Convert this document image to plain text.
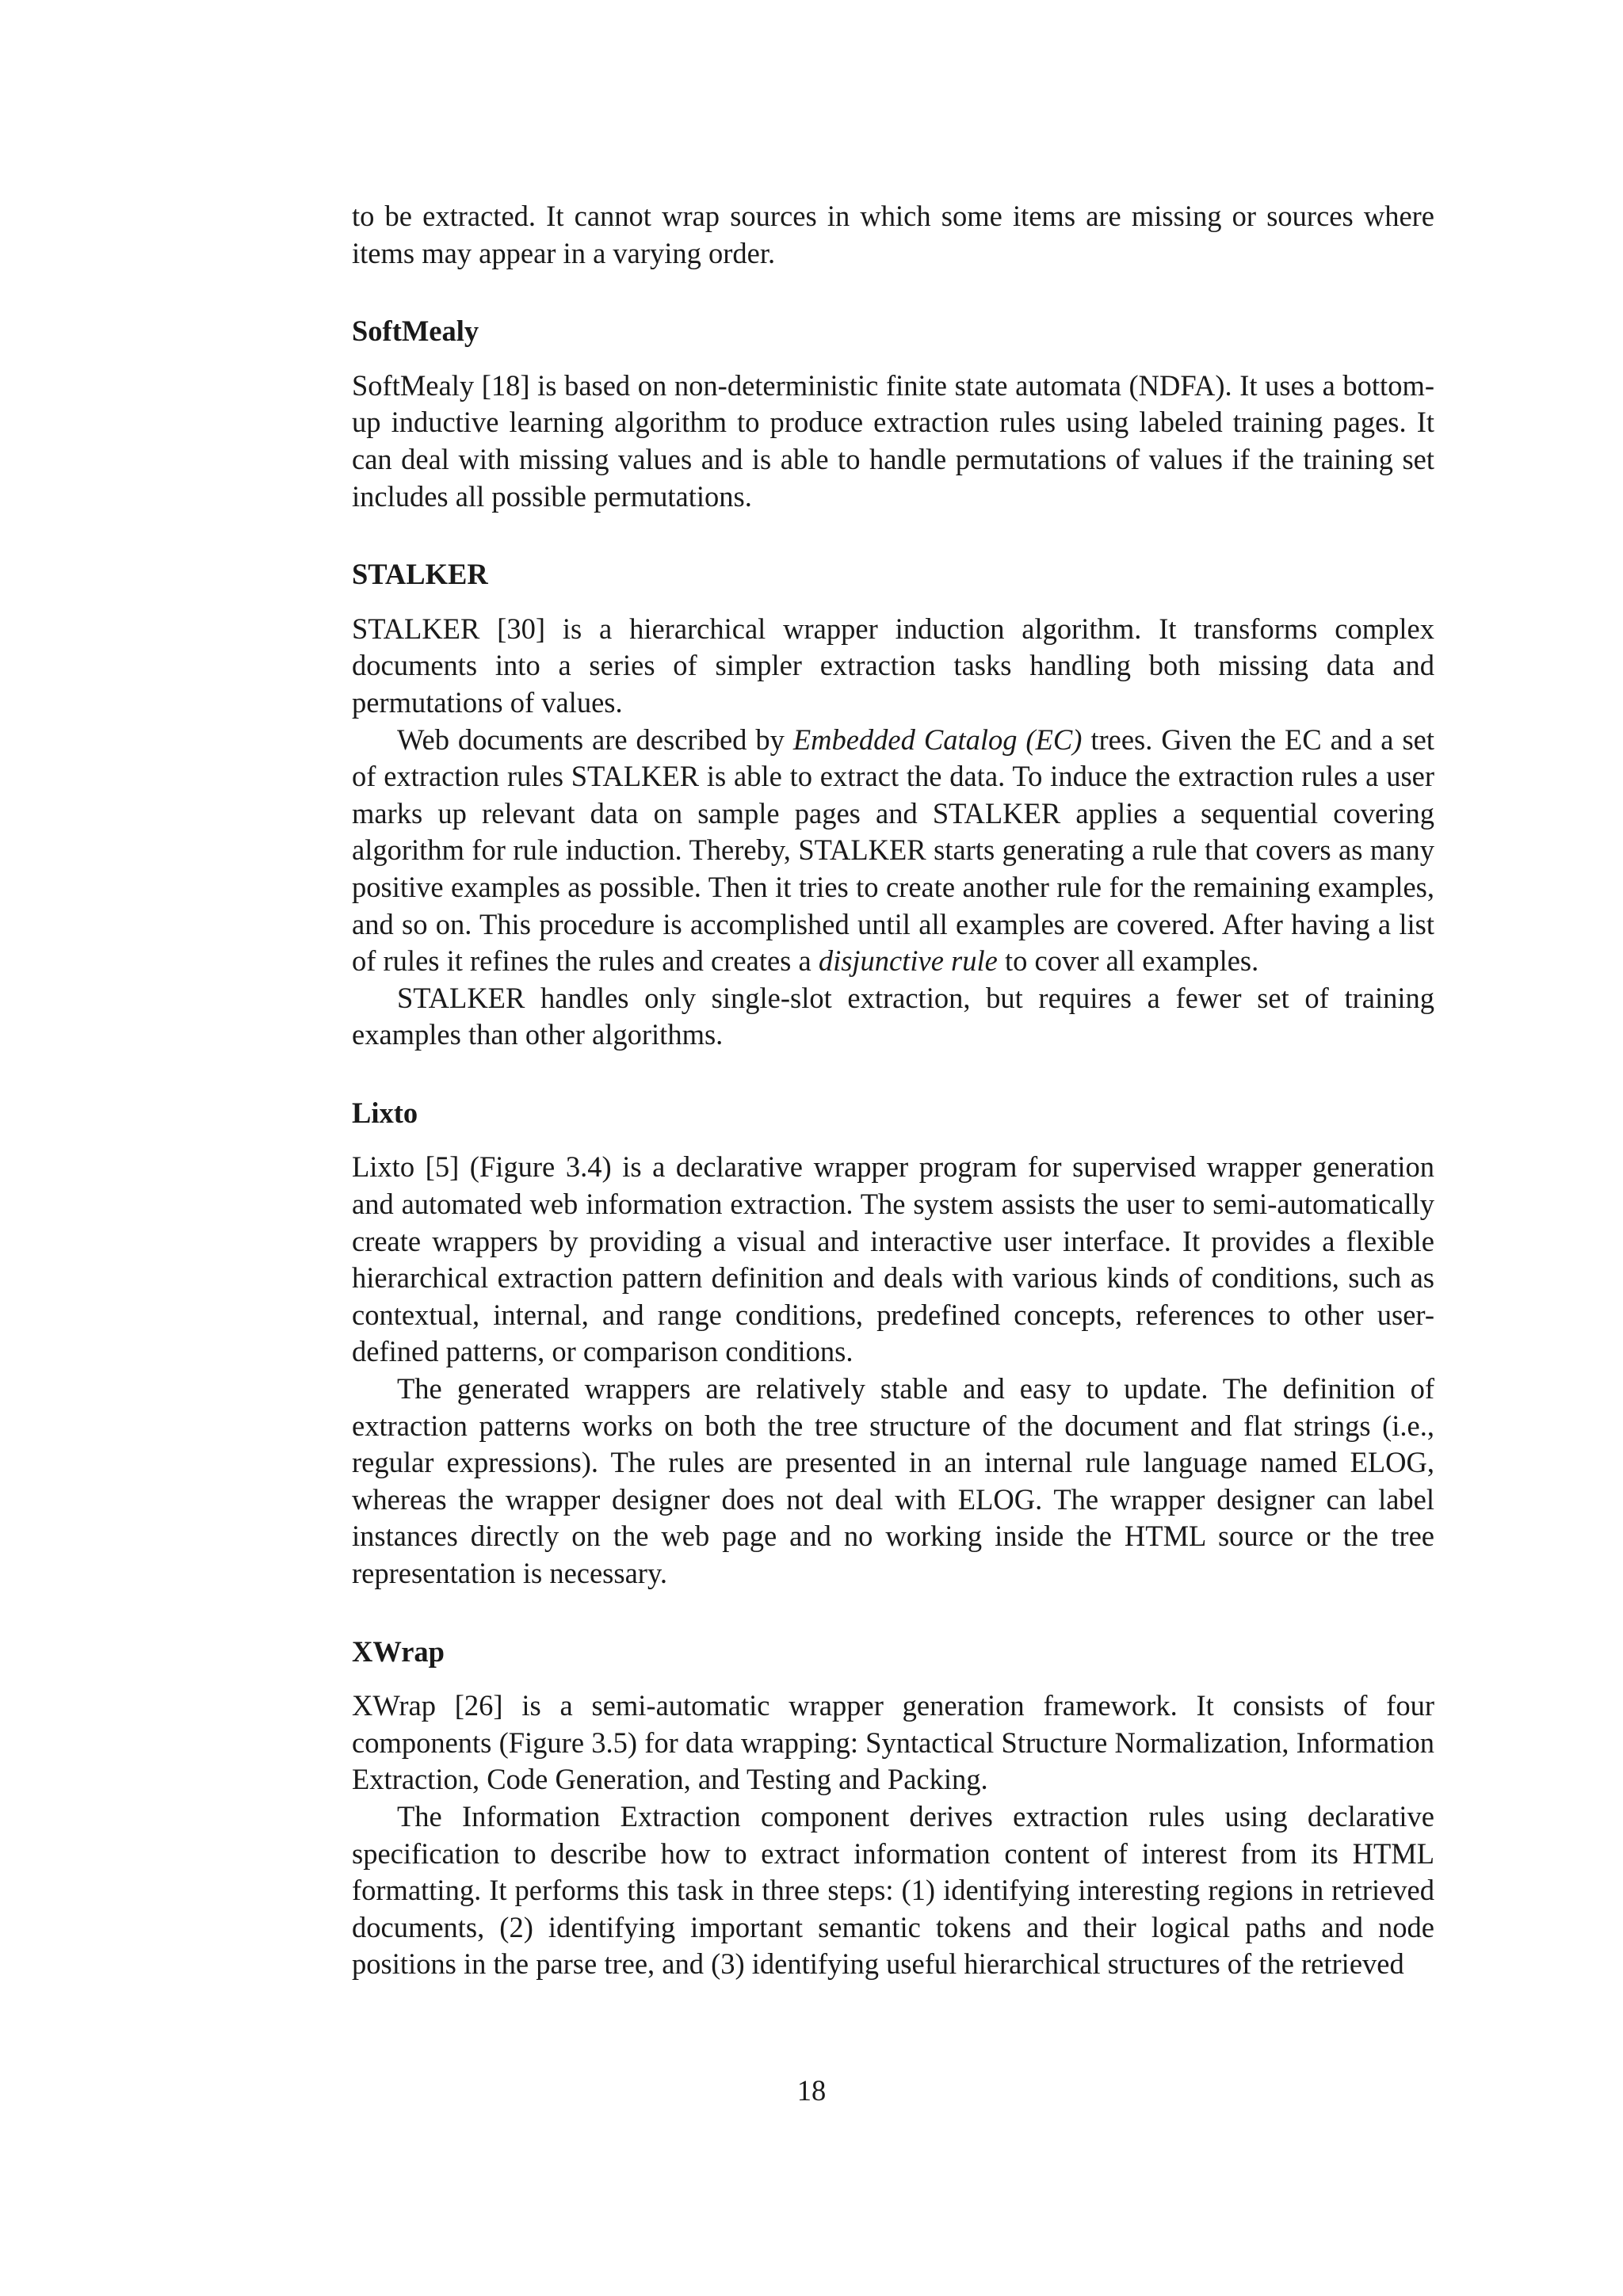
to be extracted. It cannot wrap sources in which some items are missing or sources where items may appear in a varying order.

SoftMealy

SoftMealy [18] is based on non-deterministic finite state automata (NDFA). It uses a bottom-up inductive learning algorithm to produce extraction rules using labeled training pages. It can deal with missing values and is able to handle permutations of values if the training set includes all possible permutations.

STALKER

STALKER [30] is a hierarchical wrapper induction algorithm. It transforms complex documents into a series of simpler extraction tasks handling both missing data and permutations of values.

Web documents are described by Embedded Catalog (EC) trees. Given the EC and a set of extraction rules STALKER is able to extract the data. To induce the extraction rules a user marks up relevant data on sample pages and STALKER applies a sequential covering algorithm for rule induction. Thereby, STALKER starts generating a rule that covers as many positive examples as possible. Then it tries to create another rule for the remaining examples, and so on. This procedure is accomplished until all examples are covered. After having a list of rules it refines the rules and creates a disjunctive rule to cover all examples.

STALKER handles only single-slot extraction, but requires a fewer set of training examples than other algorithms.

Lixto

Lixto [5] (Figure 3.4) is a declarative wrapper program for supervised wrapper generation and automated web information extraction. The system assists the user to semi-automatically create wrappers by providing a visual and interactive user interface. It provides a flexible hierarchical extraction pattern definition and deals with various kinds of conditions, such as contextual, internal, and range conditions, predefined concepts, references to other user-defined patterns, or comparison conditions.

The generated wrappers are relatively stable and easy to update. The definition of extraction patterns works on both the tree structure of the document and flat strings (i.e., regular expressions). The rules are presented in an internal rule language named ELOG, whereas the wrapper designer does not deal with ELOG. The wrapper designer can label instances directly on the web page and no working inside the HTML source or the tree representation is necessary.

XWrap

XWrap [26] is a semi-automatic wrapper generation framework. It consists of four components (Figure 3.5) for data wrapping: Syntactical Structure Normalization, Information Extraction, Code Generation, and Testing and Packing.

The Information Extraction component derives extraction rules using declarative specification to describe how to extract information content of interest from its HTML formatting. It performs this task in three steps: (1) identifying interesting regions in retrieved documents, (2) identifying important semantic tokens and their logical paths and node positions in the parse tree, and (3) identifying useful hierarchical structures of the retrieved

18
